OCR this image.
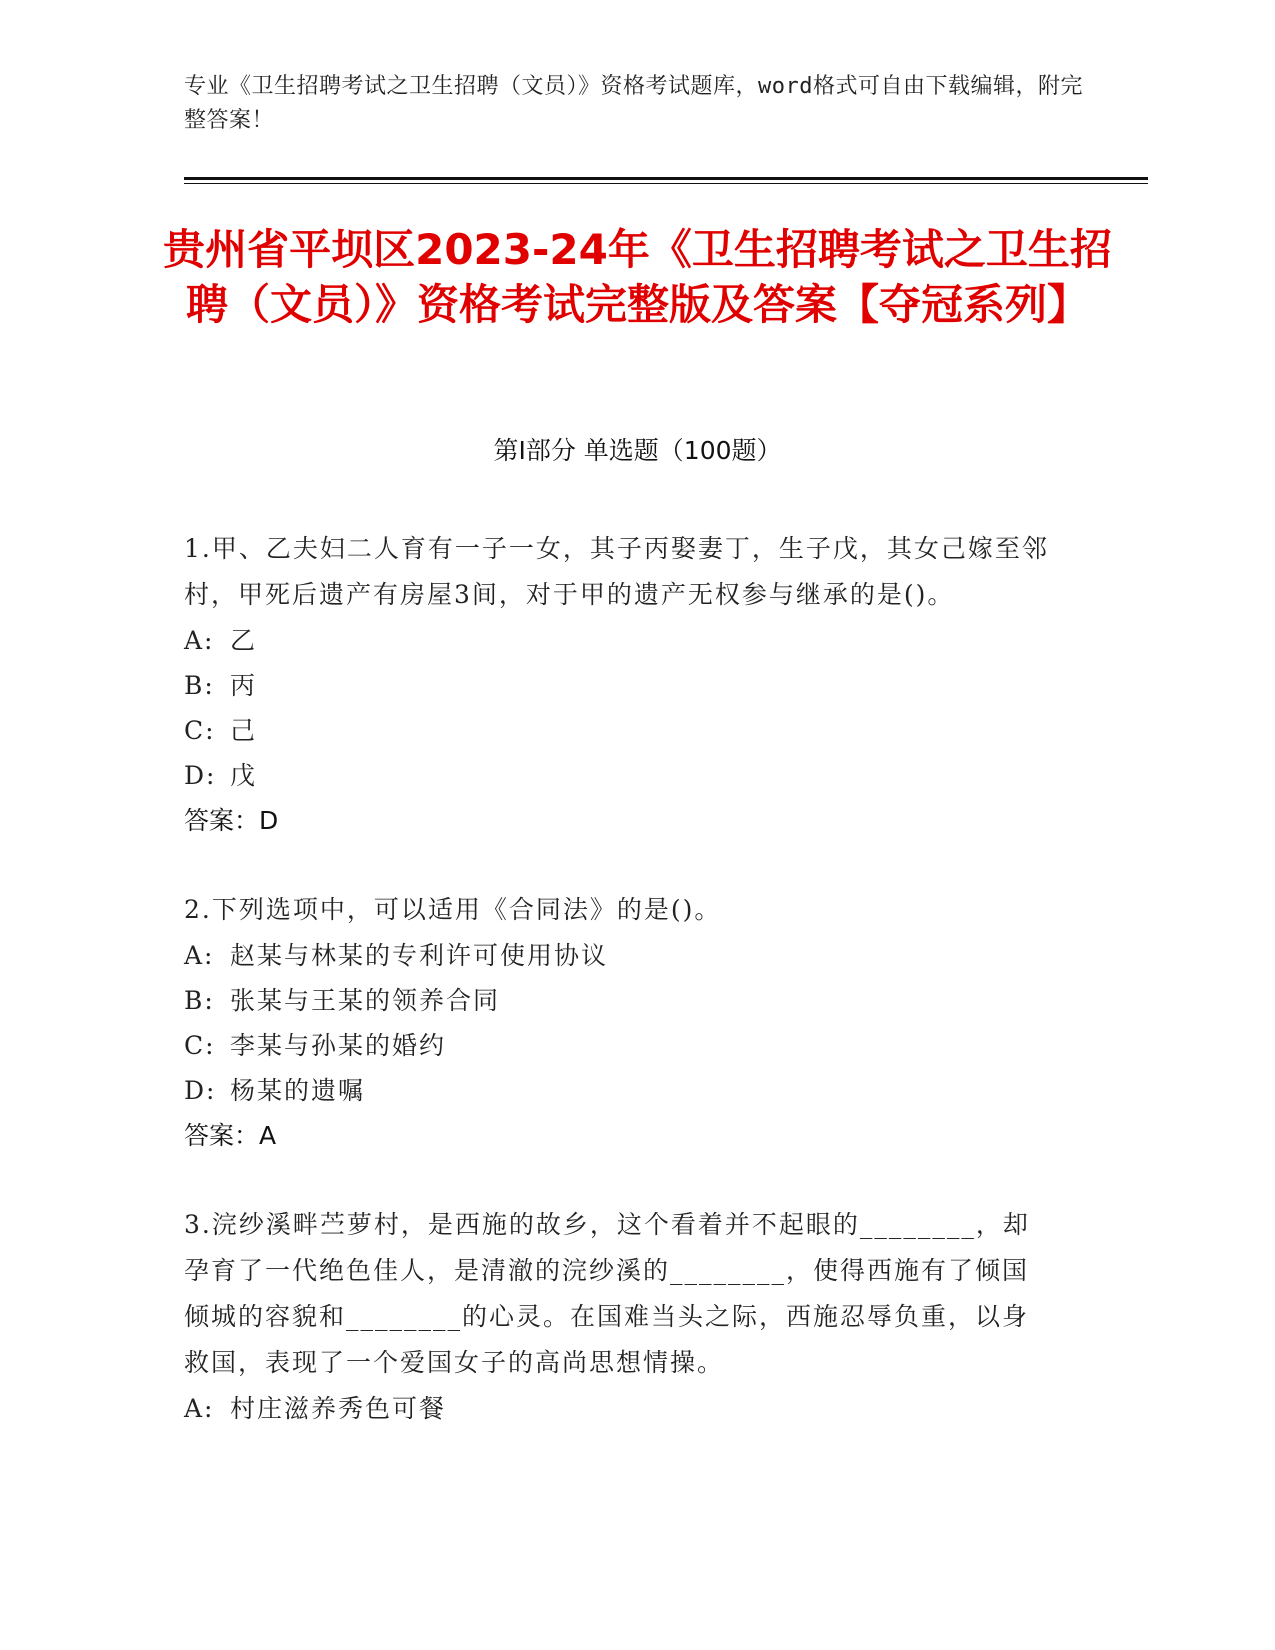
专业《卫生招聘考试之卫生招聘（文员）》资格考试题库，word格式可自由下载编辑，附完整答案！
贵州省平坝区2023-24年《卫生招聘考试之卫生招聘（文员）》资格考试完整版及答案【夺冠系列】
第Ⅰ部分 单选题（100题）

1.甲、乙夫妇二人育有一子一女，其子丙娶妻丁，生子戊，其女己嫁至邻村，甲死后遗产有房屋3间，对于甲的遗产无权参与继承的是()。

A: 乙
B: 丙
C: 己
D: 戊
答案：D

2.下列选项中，可以适用《合同法》的是()。

A: 赵某与林某的专利许可使用协议
B: 张某与王某的领养合同
C: 李某与孙某的婚约
D: 杨某的遗嘱
答案：A

3.浣纱溪畔苎萝村，是西施的故乡，这个看着并不起眼的________，却孕育了一代绝色佳人，是清澈的浣纱溪的________，使得西施有了倾国倾城的容貌和________的心灵。在国难当头之际，西施忍辱负重，以身救国，表现了一个爱国女子的高尚思想情操。

A: 村庄滋养秀色可餐
